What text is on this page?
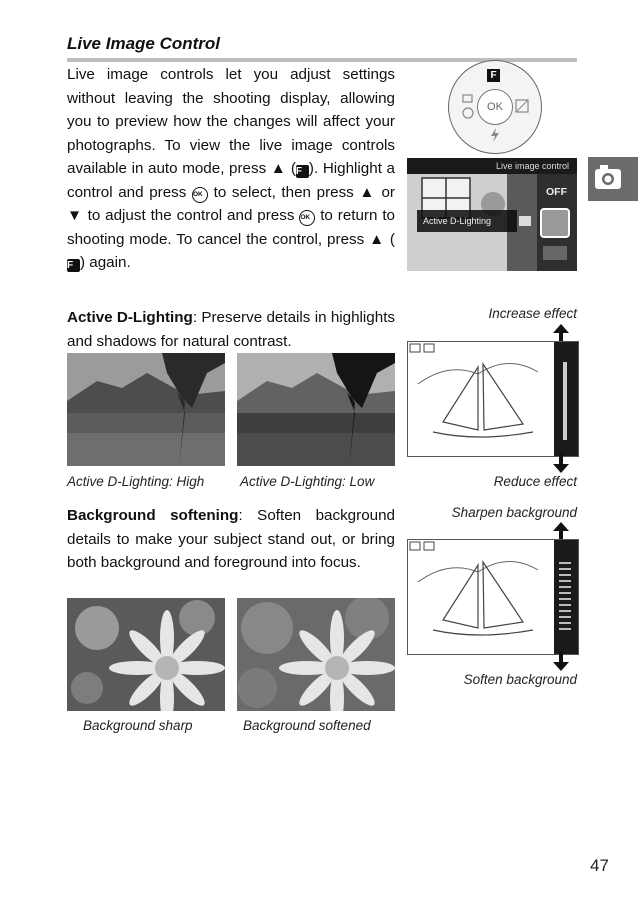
Live Image Control
Live image controls let you adjust settings without leaving the shooting display, allowing you to preview how the changes will affect your photographs. To view the live image controls available in auto mode, press ▲ (F ). Highlight a control and press OK to select, then press ▲ or ▼ to adjust the control and press OK to return to shooting mode. To cancel the control, press ▲ (F ) again.
OK
F
Live image control
Active D-Lighting
OFF
Active D-Lighting: Preserve details in highlights and shadows for natural contrast.
Active D-Lighting: High	Active D-Lighting: Low
Increase effect
Reduce effect
Background softening: Soften background details to make your subject stand out, or bring both background and foreground into focus.
Background sharp	Background softened
Sharpen background
Soften background
47
